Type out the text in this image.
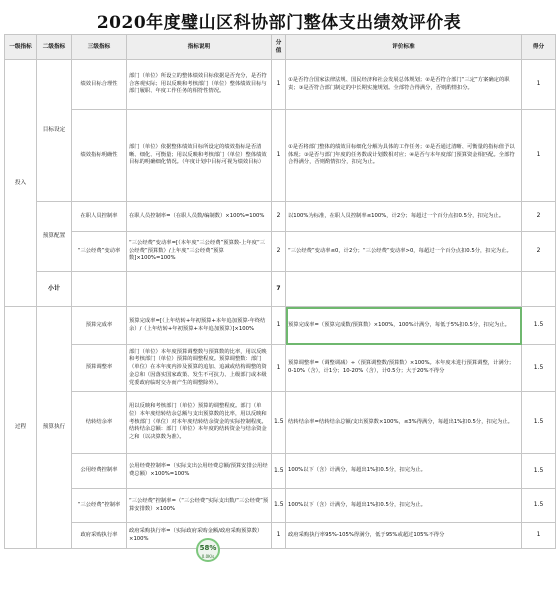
2020年度璧山区科协部门整体支出绩效评价表
一级指标	二级指标	三级指标	指标说明	分值	评价标准	得分
投入	目标设定	绩效目标合理性	部门（单位）所设立的整体绩效目标依据是否充分，是否符合客观实际；用以反映和考核部门（单位）整体绩效目标与部门履职、年度工作任务的相符性情况。	1	①是否符合国家法律法规、国民经济和社会发展总体规划；②是否符合部门“三定”方案确定的职责；③是否符合部门制定的中长期实施规划。全部符合得满分，否则酌情扣分。	1
		绩效指标明确性	部门（单位）依据整体绩效目标所设定的绩效指标是否清晰、细化、可衡量；用以反映和考核部门（单位）整体绩效目标的明确细化情况。（年度计划中目标可视为绩效目标）	1	①是否将部门整体的绩效目标细化分解为具体的工作任务；②是否通过清晰、可衡量的指标值予以体现；③是否与部门年度的任务数或计划数相对应；④是否与本年度部门预算资金相匹配。全部符合得满分，否则酌情扣分，扣完为止。	1
	预算配置	在职人员控制率	在职人员控制率=（在职人员数/编制数）×100%=100%	2	以100%为标准，在职人员控制率≤100%，计2分；每超过一个百分点扣0.5分，扣完为止。	2
		“三公经费”变动率	“三公经费”变动率=[（本年度“三公经费”预算数-上年度“三公经费”预算数）/上年度“三公经费”预算数]×100%=100%	2	“三公经费”变动率≤0，计2分；“三公经费”变动率>0，每超过一个百分点扣0.5分，扣完为止。	2
	小计			7		
过程	预算执行	预算完成率	预算完成率=[（上年结转+年初预算+本年追加预算-年终结余）/（上年结转+年初预算+本年追加预算）]×100%	1	预算完成率=（预算完成数/预算数）×100%，100%计满分，每低于5%扣0.5分，扣完为止。	1.5
		预算调整率	部门（单位）本年度预算调整数与预算数的比率，用以反映和考核部门（单位）预算的调整程度。预算调整数：部门（单位）在本年度内涉及预算的追加、追减或结构调整的资金总和（因落实国家政策、发生不可抗力、上级部门或本级党委政府临时交办而产生的调整除外）。	1	预算调整率=（调整调减）÷（预算调整数/预算数）×100%。本年度未进行预算调整，计满分；0-10%（含），计1分；10-20%（含），计0.5分；大于20%不得分	1.5
		结转结余率	用以反映和考核部门（单位）预算的调整程度。部门（单位）本年度结转结余总额与支出预算数的比率，用以反映和考核部门（单位）对本年度结转结余资金的实际控制程度。结转结余总额：部门（单位）本年度的结转资金与结余资金之和（以决算数为准）。	1.5	结转结余率=结转结余总额/支出预算数×100%，≤3%得满分，每超出1%扣0.5分，扣完为止。	1.5
		公用经费控制率	公用经费控制率=（实际支出公用经费总额/预算安排公用经费总额）×100%=100%	1.5	100%以下（含）计满分，每超出1%扣0.5分，扣完为止。	1.5
		“三公经费”控制率	“三公经费”控制率=（“三公经费”实际支出数/“三公经费”预算安排数）×100%	1.5	100%以下（含）计满分，每超出1%扣0.5分，扣完为止。	1.5
		政府采购执行率	政府采购执行率=（实际政府采购金额/政府采购预算数）×100%	1	政府采购执行率95%-105%得满分，低于95%或超过105%不得分	1
58%
0.0K/s
